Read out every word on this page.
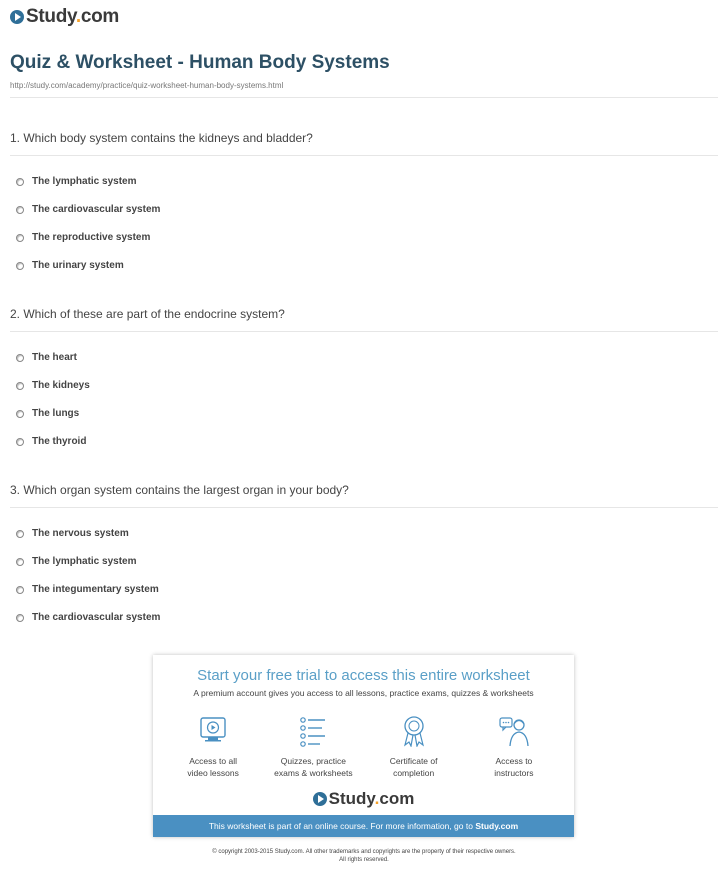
Study.com
Quiz & Worksheet - Human Body Systems
http://study.com/academy/practice/quiz-worksheet-human-body-systems.html
1. Which body system contains the kidneys and bladder?
The lymphatic system
The cardiovascular system
The reproductive system
The urinary system
2. Which of these are part of the endocrine system?
The heart
The kidneys
The lungs
The thyroid
3. Which organ system contains the largest organ in your body?
The nervous system
The lymphatic system
The integumentary system
The cardiovascular system
Start your free trial to access this entire worksheet
A premium account gives you access to all lessons, practice exams, quizzes & worksheets
Access to all
video lessons
Quizzes, practice
exams & worksheets
Certificate of
completion
Access to
instructors
Study.com
This worksheet is part of an online course. For more information, go to Study.com
© copyright 2003-2015 Study.com. All other trademarks and copyrights are the property of their respective owners.
All rights reserved.
